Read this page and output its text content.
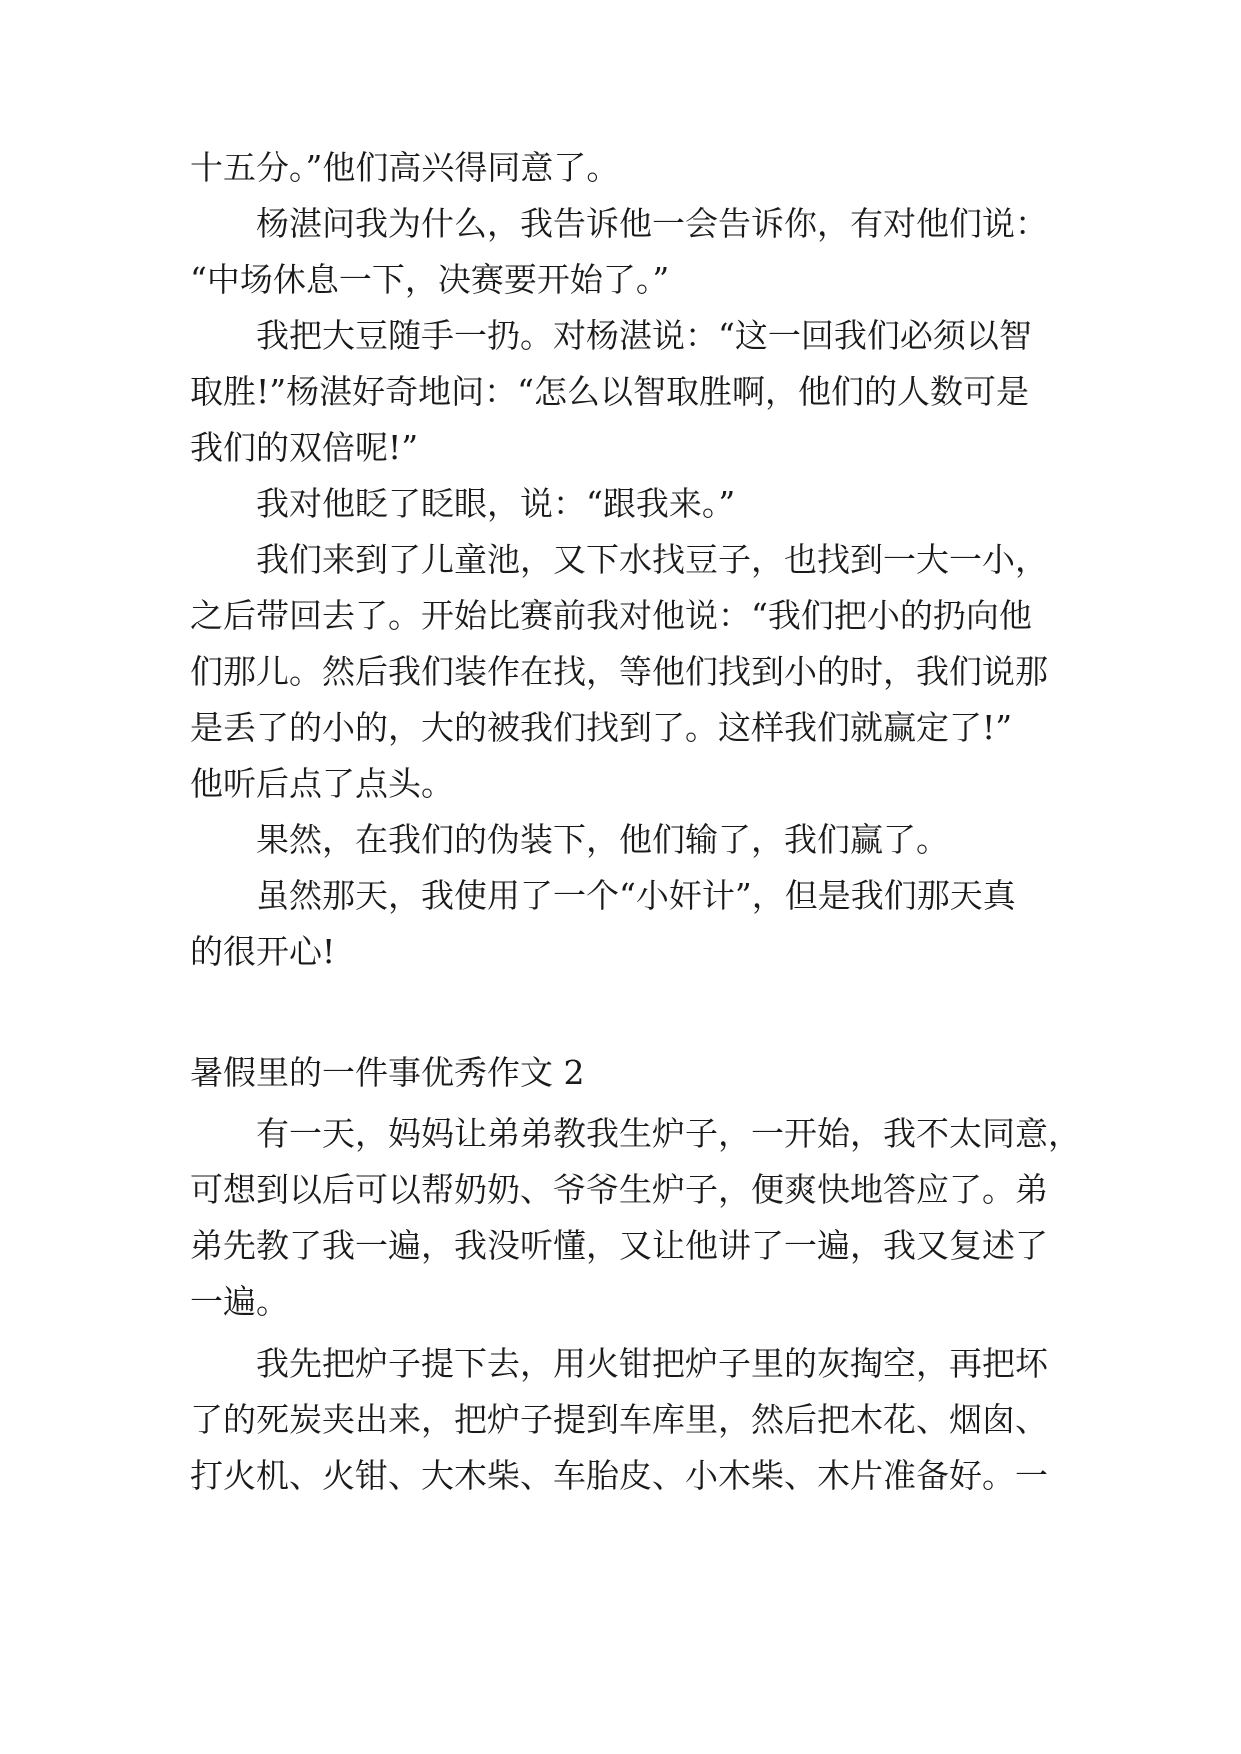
十五分。”他们高兴得同意了。
杨湛问我为什么，我告诉他一会告诉你，有对他们说：
“中场休息一下，决赛要开始了。”
我把大豆随手一扔。对杨湛说：“这一回我们必须以智
取胜!”杨湛好奇地问：“怎么以智取胜啊，他们的人数可是
我们的双倍呢!”
我对他眨了眨眼，说：“跟我来。”
我们来到了儿童池，又下水找豆子，也找到一大一小，
之后带回去了。开始比赛前我对他说：“我们把小的扔向他
们那儿。然后我们装作在找，等他们找到小的时，我们说那
是丢了的小的，大的被我们找到了。这样我们就赢定了!”
他听后点了点头。
果然，在我们的伪装下，他们输了，我们赢了。
虽然那天，我使用了一个“小奸计”，但是我们那天真
的很开心!
暑假里的一件事优秀作文 2
有一天，妈妈让弟弟教我生炉子，一开始，我不太同意，
可想到以后可以帮奶奶、爷爷生炉子，便爽快地答应了。弟
弟先教了我一遍，我没听懂，又让他讲了一遍，我又复述了
一遍。
我先把炉子提下去，用火钳把炉子里的灰掏空，再把坏
了的死炭夹出来，把炉子提到车库里，然后把木花、烟囱、
打火机、火钳、大木柴、车胎皮、小木柴、木片准备好。一
